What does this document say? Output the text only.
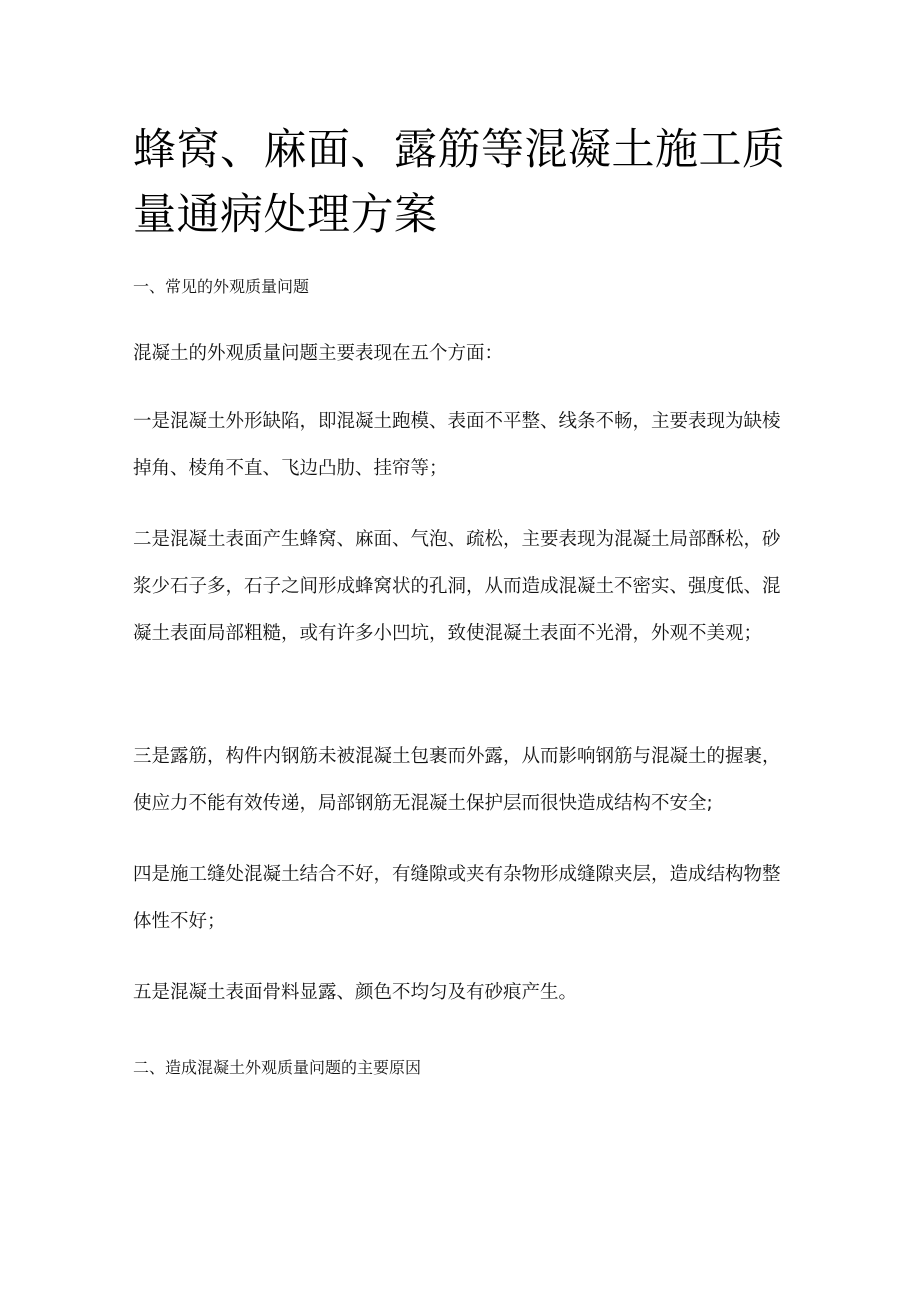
蜂窝、麻面、露筋等混凝土施工质量通病处理方案
一、常见的外观质量问题

混凝土的外观质量问题主要表现在五个方面：

一是混凝土外形缺陷，即混凝土跑模、表面不平整、线条不畅，主要表现为缺棱掉角、棱角不直、飞边凸肋、挂帘等；

二是混凝土表面产生蜂窝、麻面、气泡、疏松，主要表现为混凝土局部酥松，砂浆少石子多，石子之间形成蜂窝状的孔洞，从而造成混凝土不密实、强度低、混凝土表面局部粗糙，或有许多小凹坑，致使混凝土表面不光滑，外观不美观；

三是露筋，构件内钢筋未被混凝土包裹而外露，从而影响钢筋与混凝土的握裹，使应力不能有效传递，局部钢筋无混凝土保护层而很快造成结构不安全;

四是施工缝处混凝土结合不好，有缝隙或夹有杂物形成缝隙夹层，造成结构物整体性不好；

五是混凝土表面骨料显露、颜色不均匀及有砂痕产生。

二、造成混凝土外观质量问题的主要原因
